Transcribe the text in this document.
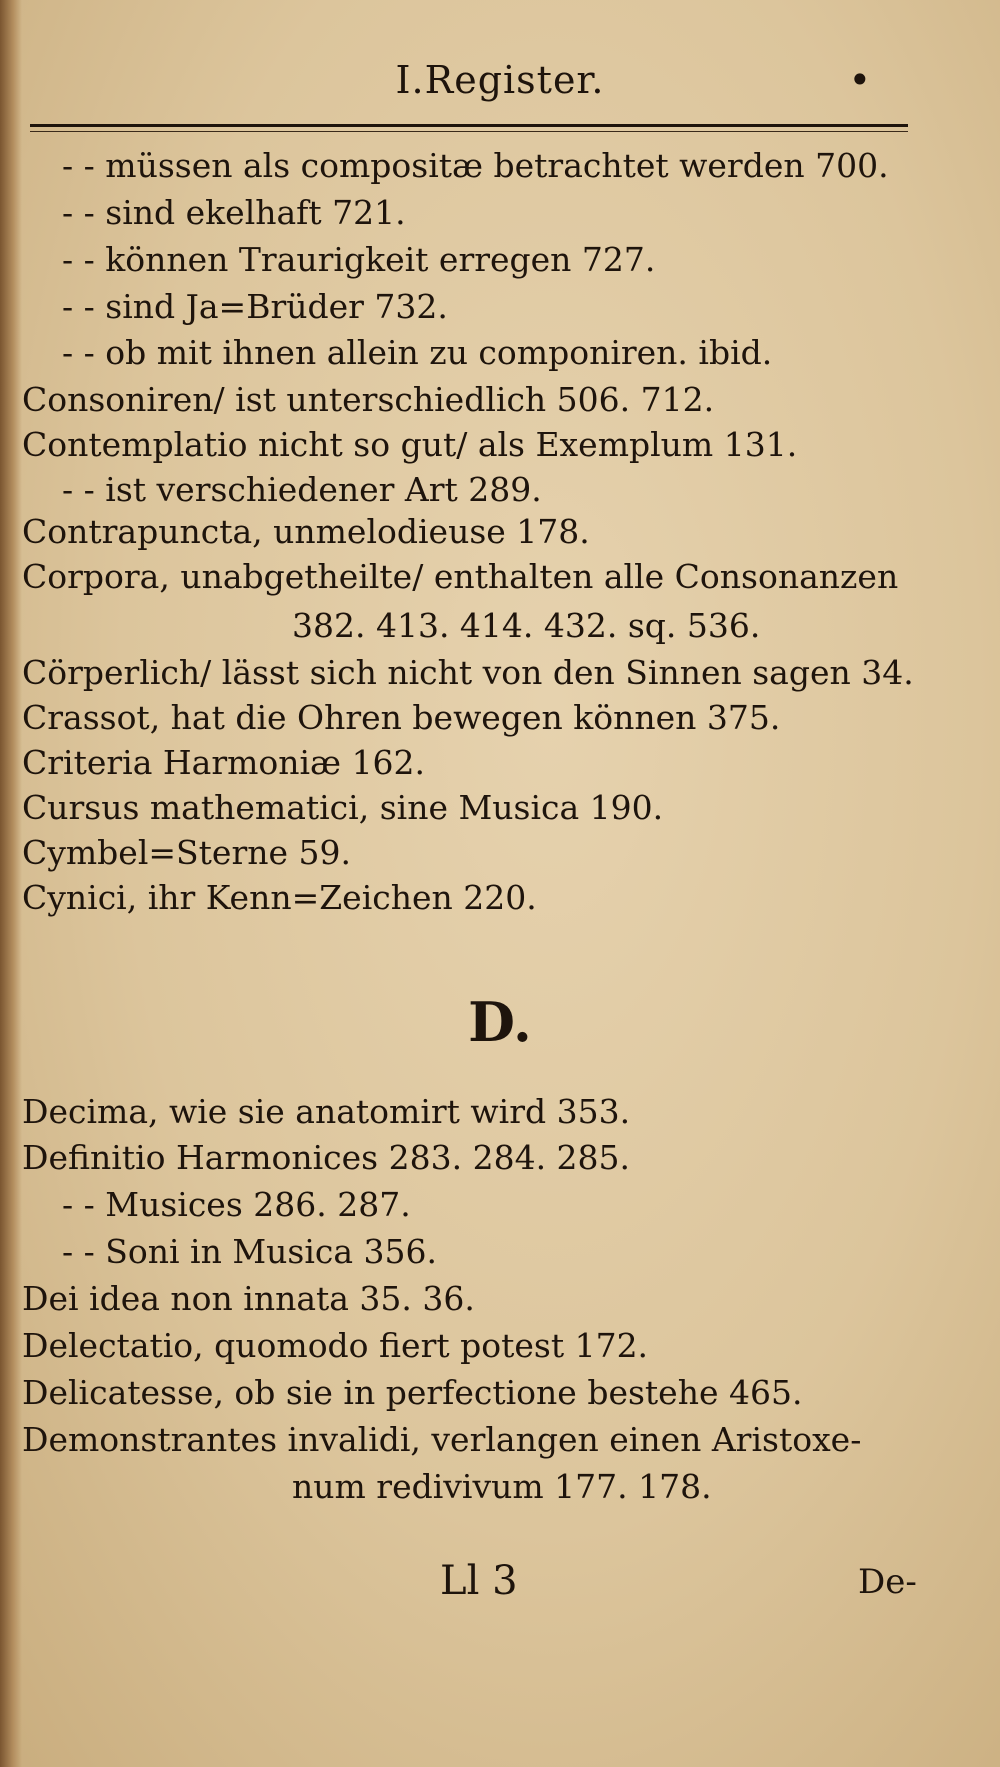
I.Register.	•
- - müssen als compositæ betrachtet werden 700.
- - sind ekelhaft 721.
- - können Traurigkeit erregen 727.
- - sind Ja=Brüder 732.
- - ob mit ihnen allein zu componiren. ibid.
Consoniren/ ist unterschiedlich 506. 712.
Contemplatio nicht so gut/ als Exemplum 131.
- - ist verschiedener Art 289.
Contrapuncta, unmelodieuse 178.
Corpora, unabgetheilte/ enthalten alle Consonanzen
382. 413. 414. 432. sq. 536.
Cörperlich/ lässt sich nicht von den Sinnen sagen 34.
Crassot, hat die Ohren bewegen können 375.
Criteria Harmoniæ 162.
Cursus mathematici, sine Musica 190.
Cymbel=Sterne 59.
Cynici, ihr Kenn=Zeichen 220.
D.
Decima, wie sie anatomirt wird 353.
Definitio Harmonices 283. 284. 285.
- - Musices 286. 287.
- - Soni in Musica 356.
Dei idea non innata 35. 36.
Delectatio, quomodo fiert potest 172.
Delicatesse, ob sie in perfectione bestehe 465.
Demonstrantes invalidi, verlangen einen Aristoxe-
num redivivum 177. 178.
Ll 3	De-
